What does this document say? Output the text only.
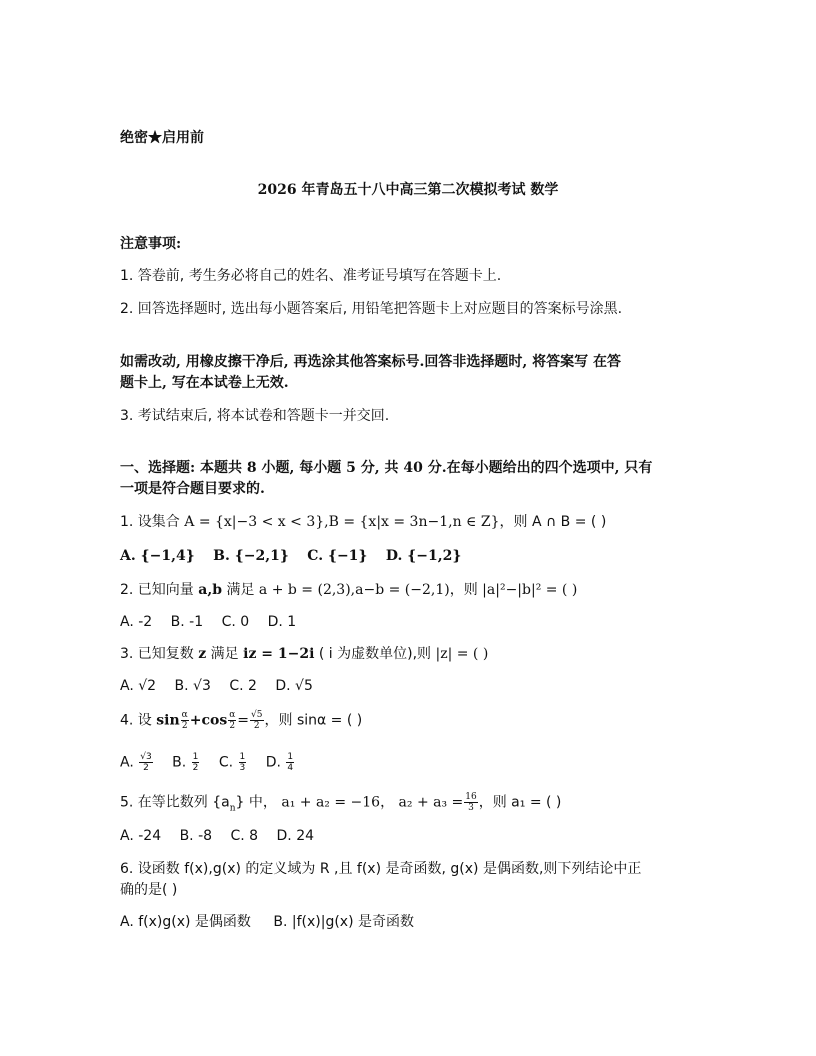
绝密★启用前
2026 年青岛五十八中高三第二次模拟考试 数学
注意事项:
1. 答卷前, 考生务必将自己的姓名、准考证号填写在答题卡上.
2. 回答选择题时, 选出每小题答案后, 用铅笔把答题卡上对应题目的答案标号涂黑.
如需改动, 用橡皮擦干净后, 再选涂其他答案标号.回答非选择题时, 将答案写 在答
题卡上, 写在本试卷上无效.
3. 考试结束后, 将本试卷和答题卡一并交回.
一、选择题: 本题共 8 小题, 每小题 5 分, 共 40 分.在每小题给出的四个选项中, 只有
一项是符合题目要求的.
1. 设集合 A = {x|−3 < x < 3},B = {x|x = 3n−1,n ∈ Z}，则 A ∩ B = ( )
A. {−1,4} B. {−2,1} C. {−1} D. {−1,2}
2. 已知向量 a,b 满足 a + b = (2,3),a−b = (−2,1)，则 |a|²−|b|² = ( )
A. -2 B. -1 C. 0 D. 1
3. 已知复数 z 满足 iz = 1−2i ( i 为虚数单位),则 |z| = ( )
A. √2 B. √3 C. 2 D. √5
4. 设 $\sin \frac{\alpha}{2} +\cos \frac{\alpha}{2} = \frac{√5}{2}$ ，则 sinα = ( )
A. $\frac{√3}{2} B$. $\frac{1}{2} C$. $\frac{1}{3} D$. $\frac{1}{4}$
5. 在等比数列 $\{a_n\}$ 中， a₁ + a₂ = −16， $a_2 + a_3 = \frac{16}{3}$ ，则 a₁ = ( )
A. -24 B. -8 C. 8 D. 24
6. 设函数 f(x),g(x) 的定义域为 R ,且 f(x) 是奇函数, g(x) 是偶函数,则下列结论中正
确的是( )
A. f(x)g(x) 是偶函数 B. |f(x)|g(x) 是奇函数
